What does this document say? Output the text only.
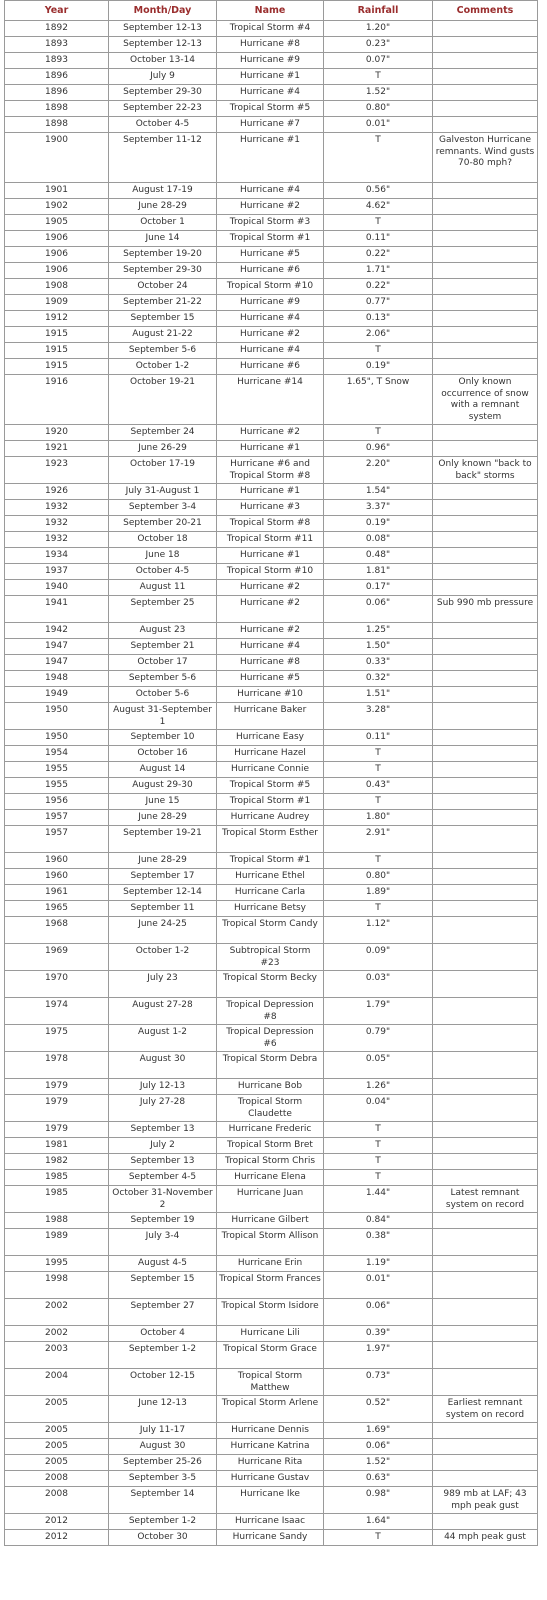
Year	Month/Day	Name	Rainfall	Comments
1892	September 12-13	Tropical Storm #4	1.20"	
1893	September 12-13	Hurricane #8	0.23"	
1893	October 13-14	Hurricane #9	0.07"	
1896	July 9	Hurricane #1	T	
1896	September 29-30	Hurricane #4	1.52"	
1898	September 22-23	Tropical Storm #5	0.80"	
1898	October 4-5	Hurricane #7	0.01"	
1900	September 11-12	Hurricane #1	T	Galveston Hurricane remnants. Wind gusts 70-80 mph?
1901	August 17-19	Hurricane #4	0.56"	
1902	June 28-29	Hurricane #2	4.62"	
1905	October 1	Tropical Storm #3	T	
1906	June 14	Tropical Storm #1	0.11"	
1906	September 19-20	Hurricane #5	0.22"	
1906	September 29-30	Hurricane #6	1.71"	
1908	October 24	Tropical Storm #10	0.22"	
1909	September 21-22	Hurricane #9	0.77"	
1912	September 15	Hurricane #4	0.13"	
1915	August 21-22	Hurricane #2	2.06"	
1915	September 5-6	Hurricane #4	T	
1915	October 1-2	Hurricane #6	0.19"	
1916	October 19-21	Hurricane #14	1.65", T Snow	Only known occurrence of snow with a remnant system
1920	September 24	Hurricane #2	T	
1921	June 26-29	Hurricane #1	0.96"	
1923	October 17-19	Hurricane #6 and Tropical Storm #8	2.20"	Only known "back to back" storms
1926	July 31-August 1	Hurricane #1	1.54"	
1932	September 3-4	Hurricane #3	3.37"	
1932	September 20-21	Tropical Storm #8	0.19"	
1932	October 18	Tropical Storm #11	0.08"	
1934	June 18	Hurricane #1	0.48"	
1937	October 4-5	Tropical Storm #10	1.81"	
1940	August 11	Hurricane #2	0.17"	
1941	September 25	Hurricane #2	0.06"	Sub 990 mb pressure
1942	August 23	Hurricane #2	1.25"	
1947	September 21	Hurricane #4	1.50"	
1947	October 17	Hurricane #8	0.33"	
1948	September 5-6	Hurricane #5	0.32"	
1949	October 5-6	Hurricane #10	1.51"	
1950	August 31-September 1	Hurricane Baker	3.28"	
1950	September 10	Hurricane Easy	0.11"	
1954	October 16	Hurricane Hazel	T	
1955	August 14	Hurricane Connie	T	
1955	August 29-30	Tropical Storm #5	0.43"	
1956	June 15	Tropical Storm #1	T	
1957	June 28-29	Hurricane Audrey	1.80"	
1957	September 19-21	Tropical Storm Esther	2.91"	
1960	June 28-29	Tropical Storm #1	T	
1960	September 17	Hurricane Ethel	0.80"	
1961	September 12-14	Hurricane Carla	1.89"	
1965	September 11	Hurricane Betsy	T	
1968	June 24-25	Tropical Storm Candy	1.12"	
1969	October 1-2	Subtropical Storm #23	0.09"	
1970	July 23	Tropical Storm Becky	0.03"	
1974	August 27-28	Tropical Depression #8	1.79"	
1975	August 1-2	Tropical Depression #6	0.79"	
1978	August 30	Tropical Storm Debra	0.05"	
1979	July 12-13	Hurricane Bob	1.26"	
1979	July 27-28	Tropical Storm Claudette	0.04"	
1979	September 13	Hurricane Frederic	T	
1981	July 2	Tropical Storm Bret	T	
1982	September 13	Tropical Storm Chris	T	
1985	September 4-5	Hurricane Elena	T	
1985	October 31-November 2	Hurricane Juan	1.44"	Latest remnant system on record
1988	September 19	Hurricane Gilbert	0.84"	
1989	July 3-4	Tropical Storm Allison	0.38"	
1995	August 4-5	Hurricane Erin	1.19"	
1998	September 15	Tropical Storm Frances	0.01"	
2002	September 27	Tropical Storm Isidore	0.06"	
2002	October 4	Hurricane Lili	0.39"	
2003	September 1-2	Tropical Storm Grace	1.97"	
2004	October 12-15	Tropical Storm Matthew	0.73"	
2005	June 12-13	Tropical Storm Arlene	0.52"	Earliest remnant system on record
2005	July 11-17	Hurricane Dennis	1.69"	
2005	August 30	Hurricane Katrina	0.06"	
2005	September 25-26	Hurricane Rita	1.52"	
2008	September 3-5	Hurricane Gustav	0.63"	
2008	September 14	Hurricane Ike	0.98"	989 mb at LAF; 43 mph peak gust
2012	September 1-2	Hurricane Isaac	1.64"	
2012	October 30	Hurricane Sandy	T	44 mph peak gust
